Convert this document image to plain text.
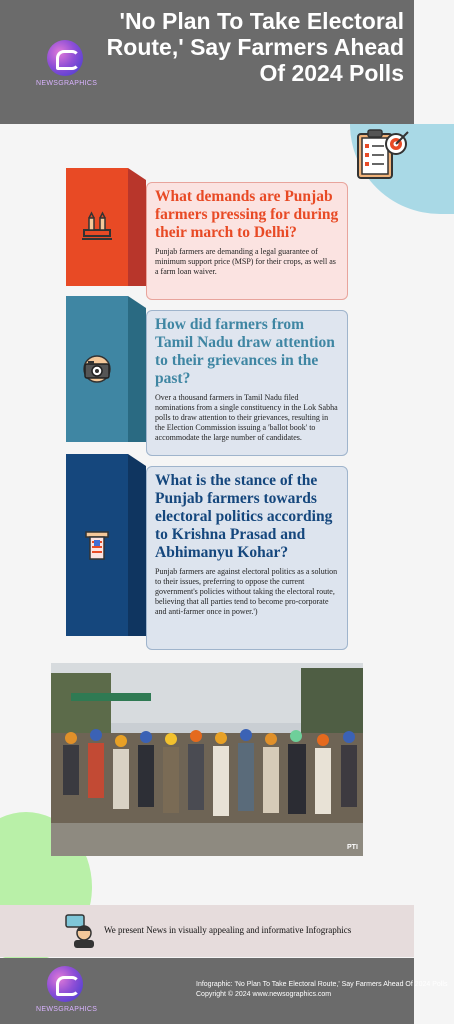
NEWSGRAPHICS
'No Plan To Take Electoral Route,' Say Farmers Ahead Of 2024 Polls

What demands are Punjab farmers pressing for during their march to Delhi?

Punjab farmers are demanding a legal guarantee of minimum support price (MSP) for their crops, as well as a farm loan waiver.

How did farmers from Tamil Nadu draw attention to their grievances in the past?

Over a thousand farmers in Tamil Nadu filed nominations from a single constituency in the Lok Sabha polls to draw attention to their grievances, resulting in the Election Commission issuing a 'ballot book' to accommodate the large number of candidates.

What is the stance of the Punjab farmers towards electoral politics according to Krishna Prasad and Abhimanyu Kohar?

Punjab farmers are against electoral politics as a solution to their issues, preferring to oppose the current government's policies without taking the electoral route, believing that all parties tend to become pro-corporate and anti-farmer once in power.')

PTI
We present News in visually appealing and informative Infographics
NEWSGRAPHICS
Infographic: 'No Plan To Take Electoral Route,' Say Farmers Ahead Of 2024 Polls
Copyright © 2024 www.newsographics.com
